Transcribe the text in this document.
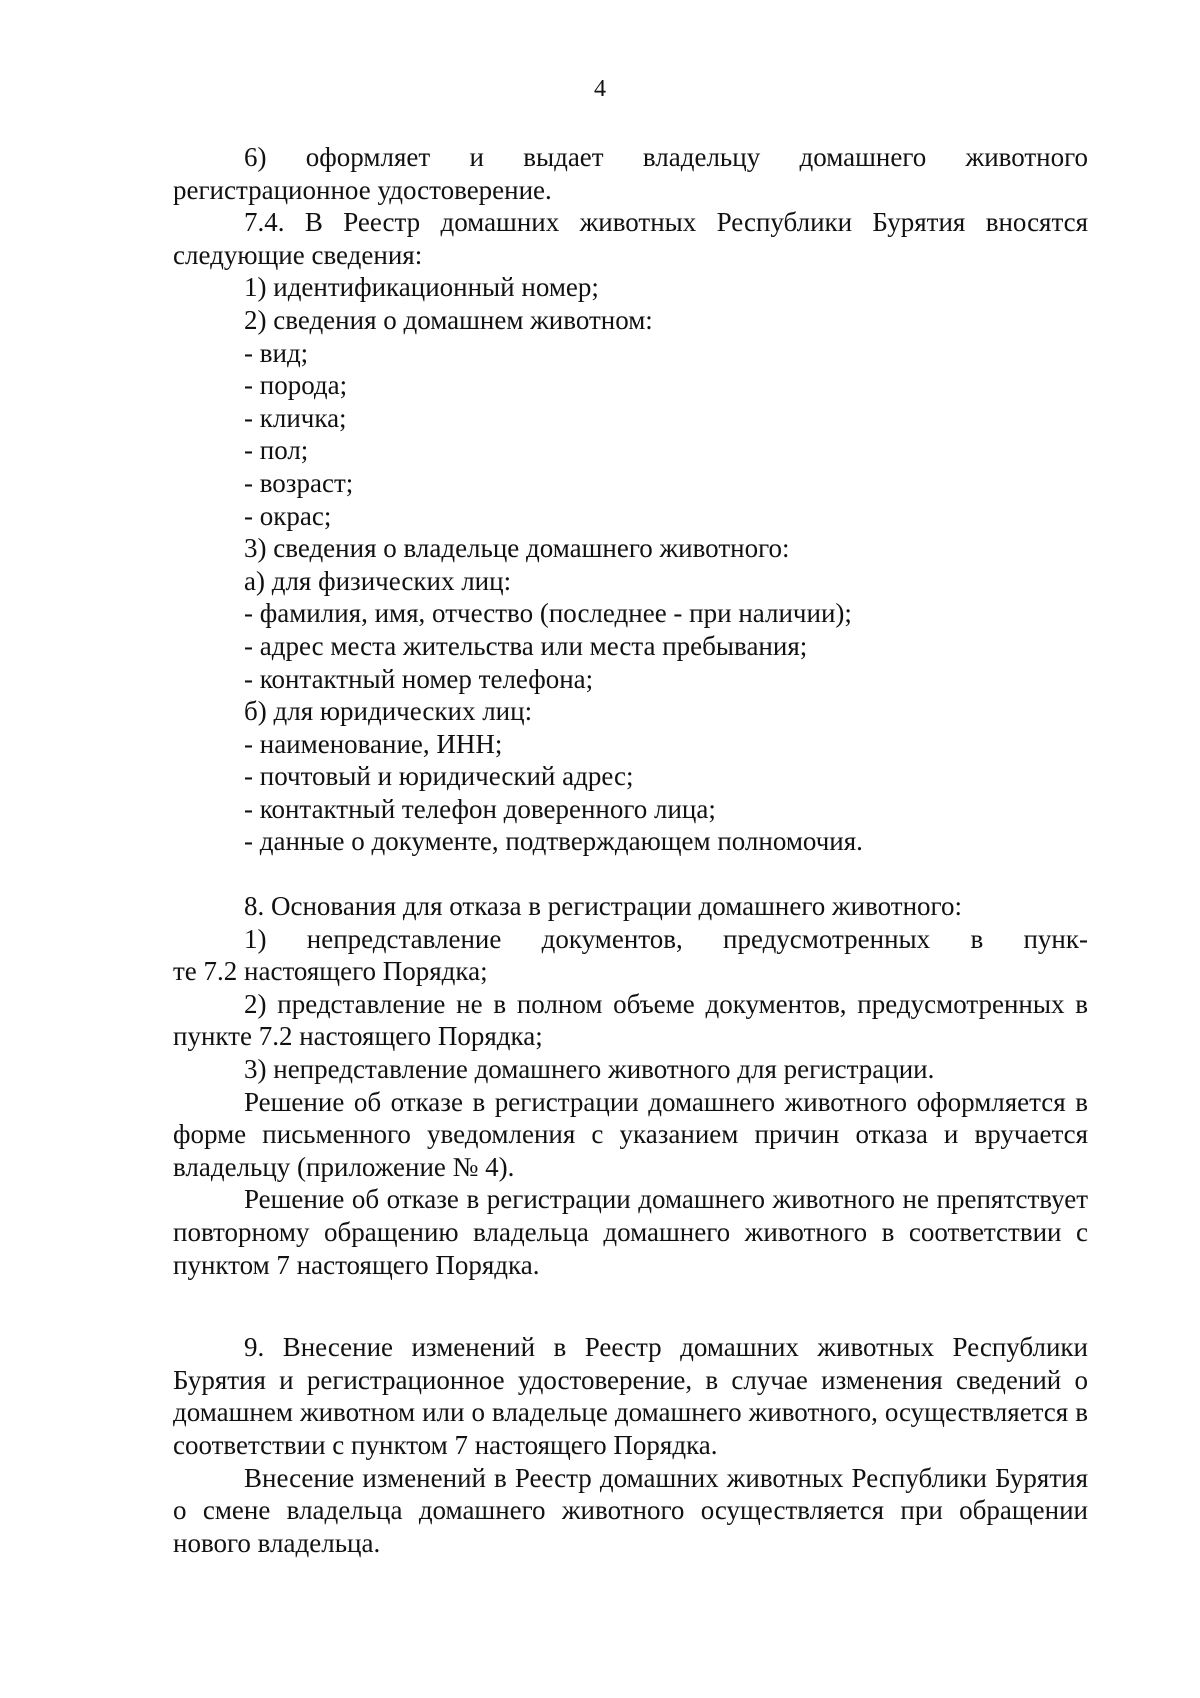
4

6) оформляет и выдает владельцу домашнего животного регистрационное удостоверение.

7.4. В Реестр домашних животных Республики Бурятия вносятся следующие сведения:

1) идентификационный номер;

2) сведения о домашнем животном:

- вид;

- порода;

- кличка;

- пол;

- возраст;

- окрас;

3) сведения о владельце домашнего животного:

а) для физических лиц:

- фамилия, имя, отчество (последнее - при наличии);

- адрес места жительства или места пребывания;

- контактный номер телефона;

б) для юридических лиц:

- наименование, ИНН;

- почтовый и юридический адрес;

- контактный телефон доверенного лица;

- данные о документе, подтверждающем полномочия.

8. Основания для отказа в регистрации домашнего животного:

1) непредставление документов, предусмотренных в пунк-

те 7.2 настоящего Порядка;

2) представление не в полном объеме документов, предусмотренных в пункте 7.2 настоящего Порядка;

3) непредставление домашнего животного для регистрации.

Решение об отказе в регистрации домашнего животного оформляется в форме письменного уведомления с указанием причин отказа и вручается владельцу (приложение № 4).

Решение об отказе в регистрации домашнего животного не препятствует повторному обращению владельца домашнего животного в соответствии с пунктом 7 настоящего Порядка.

9. Внесение изменений в Реестр домашних животных Республики Бурятия и регистрационное удостоверение, в случае изменения сведений о домашнем животном или о владельце домашнего животного, осуществляется в соответствии с пунктом 7 настоящего Порядка.

Внесение изменений в Реестр домашних животных Республики Бурятия о смене владельца домашнего животного осуществляется при обращении нового владельца.
